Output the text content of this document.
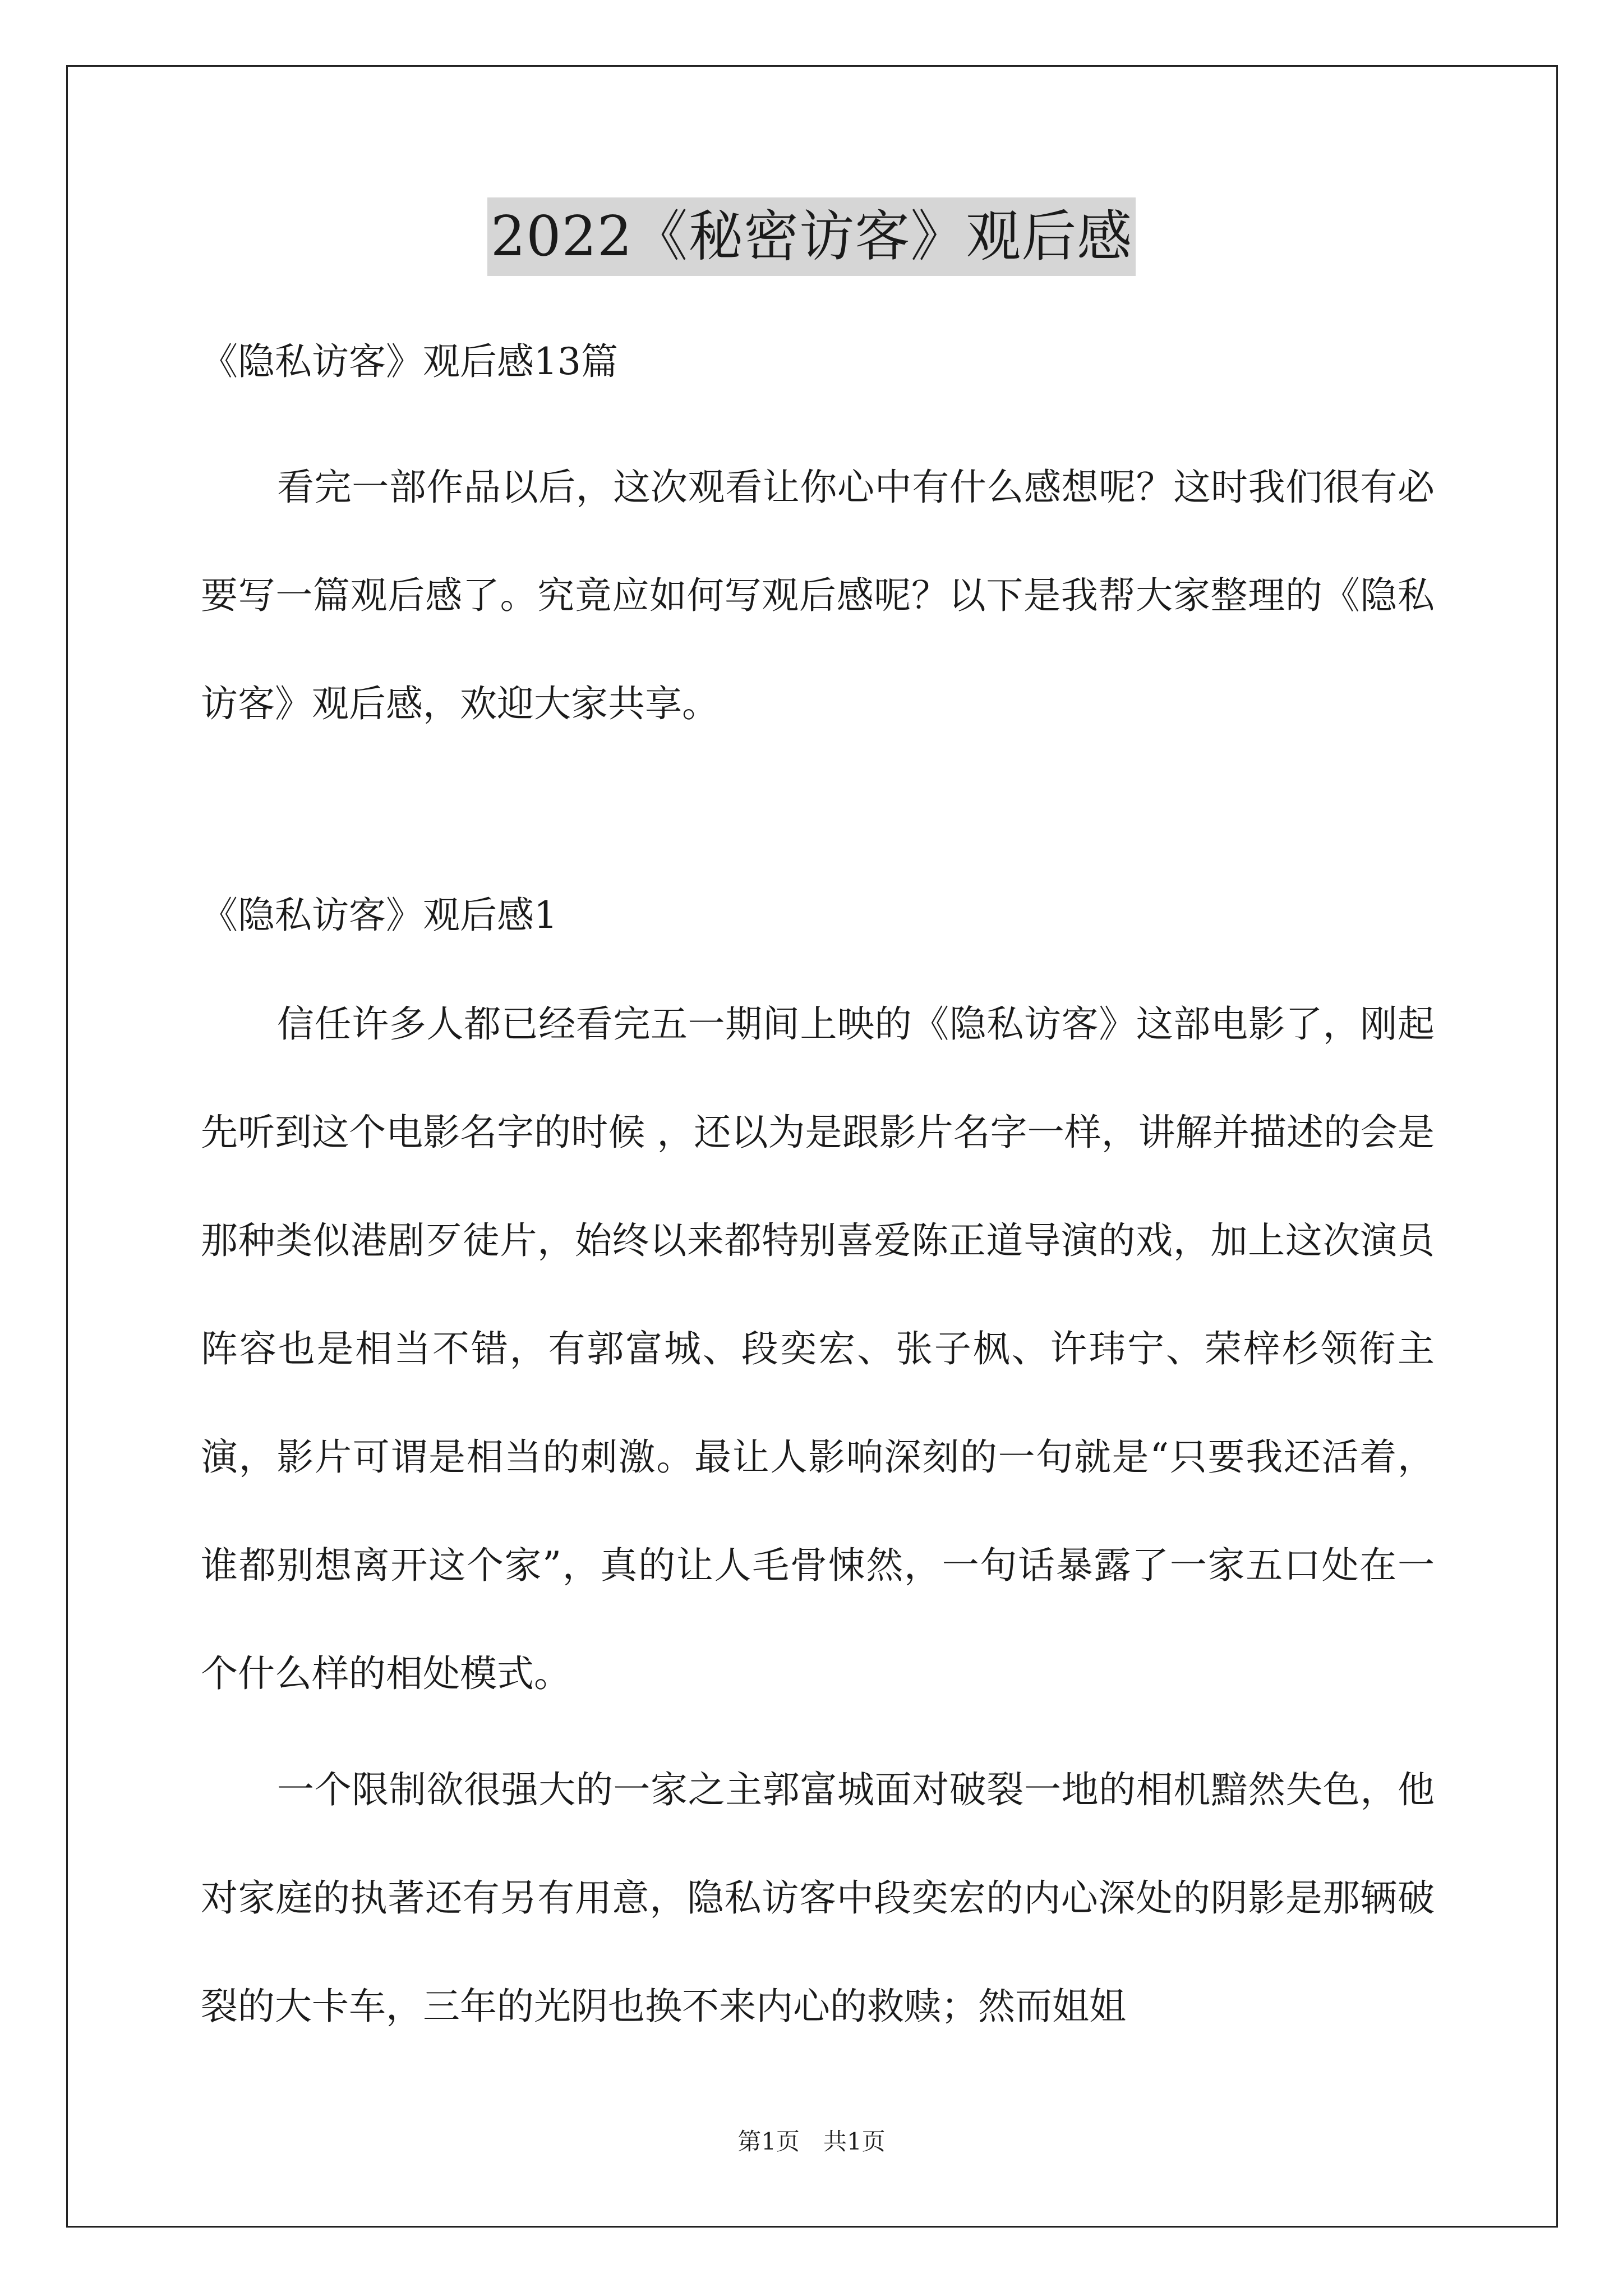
2022《秘密访客》观后感

《隐私访客》观后感13篇

看完一部作品以后，这次观看让你心中有什么感想呢？这时我们很有必要写一篇观后感了。究竟应如何写观后感呢？以下是我帮大家整理的《隐私访客》观后感，欢迎大家共享。

《隐私访客》观后感1

信任许多人都已经看完五一期间上映的《隐私访客》这部电影了，刚起先听到这个电影名字的时候 ，还以为是跟影片名字一样，讲解并描述的会是那种类似港剧歹徒片，始终以来都特别喜爱陈正道导演的戏，加上这次演员阵容也是相当不错，有郭富城、段奕宏、张子枫、许玮宁、荣梓杉领衔主演，影片可谓是相当的刺激。最让人影响深刻的一句就是“只要我还活着，谁都别想离开这个家”，真的让人毛骨悚然，一句话暴露了一家五口处在一个什么样的相处模式。

一个限制欲很强大的一家之主郭富城面对破裂一地的相机黯然失色，他对家庭的执著还有另有用意，隐私访客中段奕宏的内心深处的阴影是那辆破裂的大卡车，三年的光阴也换不来内心的救赎；然而姐姐

第1页　共1页
